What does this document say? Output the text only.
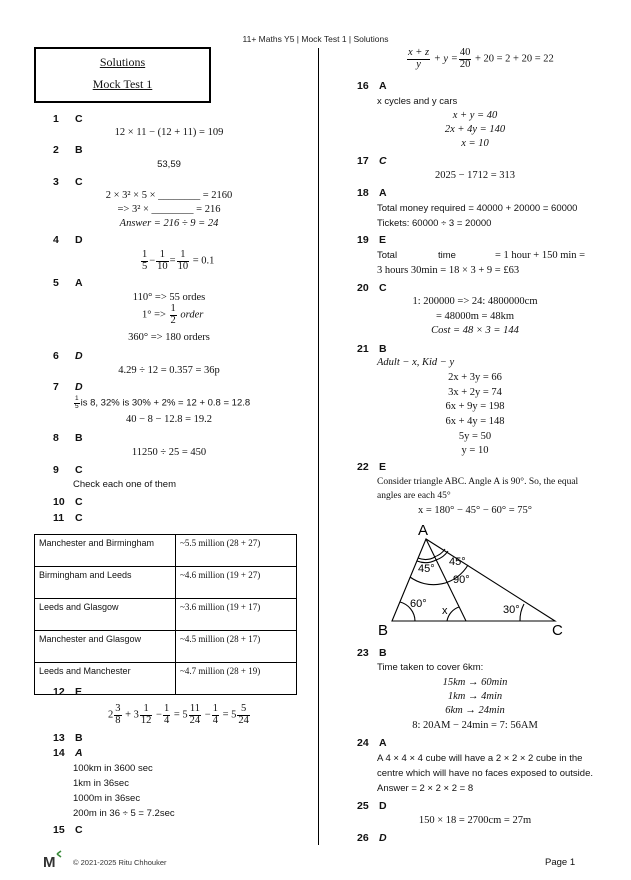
11+ Maths Y5 | Mock Test 1 | Solutions
Solutions
Mock Test 1
1 C
12 × 11 − (12 + 11) = 109
2 B
53,59
3 C
2 × 3² × 5 × ________ = 2160
=> 3² × ________ = 216
Answer = 216 ÷ 9 = 24
4 D
$\frac{1}{5} - \frac{1}{10} = \frac{1}{10} = 0.1$
5 A
110° => 55 ordes
$1^\circ => \frac{1}{2}$ order
360° => 180 orders
6 D
4.29 ÷ 12 = 0.357 = 36p
7 D
$\frac{1}{5}$ is 8, 32% is 30% + 2% = 12 + 0.8 = 12.8
40 − 8 − 12.8 = 19.2
8 B
11250 ÷ 25 = 450
9 C
Check each one of them
10 C
11 C
Manchester and Birmingham	~5.5 million (28 + 27)
Birmingham and Leeds	~4.6 million (19 + 27)
Leeds and Glasgow	~3.6 million (19 + 17)
Manchester and Glasgow	~4.5 million (28 + 17)
Leeds and Manchester	~4.7 million (28 + 19)
12 E
$2 \frac{3}{8} + 3 \frac{1}{12} - \frac{1}{4} = 5 \frac{11}{24} - \frac{1}{4} = 5 \frac{5}{24}$
13 B
14 A
100km in 3600 sec
1km in 36sec
1000m in 36sec
200m in 36 ÷ 5 = 7.2sec
15 C
$\frac{x + z}{y} + y = \frac{40}{20} + 20 = 2 + 20 = 22$
16 A
x cycles and y cars
x + y = 40
2x + 4y = 140
x = 10
17 C
2025 − 1712 = 313
18 A
Total money required = 40000 + 20000 = 60000
Tickets: 60000 ÷ 3 = 20000
19 E
Total	time	= 1 hour + 150 min =
3 hours 30min = 18 × 3 + 9 = £63
20 C
1: 200000 => 24: 4800000cm
= 48000m = 48km
Cost = 48 × 3 = 144
21 B
Adult − x, Kid − y
2x + 3y = 66
3x + 2y = 74
6x + 9y = 198
6x + 4y = 148
5y = 50
y = 10
22 E
Consider triangle ABC. Angle A is 90°. So, the equal
angles are each 45°
x = 180° − 45° − 60° = 75°
A
B	C
45°
45°
90°
60°
x	30°
23 B
Time taken to cover 6km:
15km → 60min
1km → 4min
6km → 24min
8: 20AM − 24min = 7: 56AM
24 A
A 4 × 4 × 4 cube will have a 2 × 2 × 2 cube in the
centre which will have no faces exposed to outside.
Answer = 2 × 2 × 2 = 8
25 D
150 × 18 = 2700cm = 27m
26 D
M © 2021-2025 Ritu Chhouker	Page 1
